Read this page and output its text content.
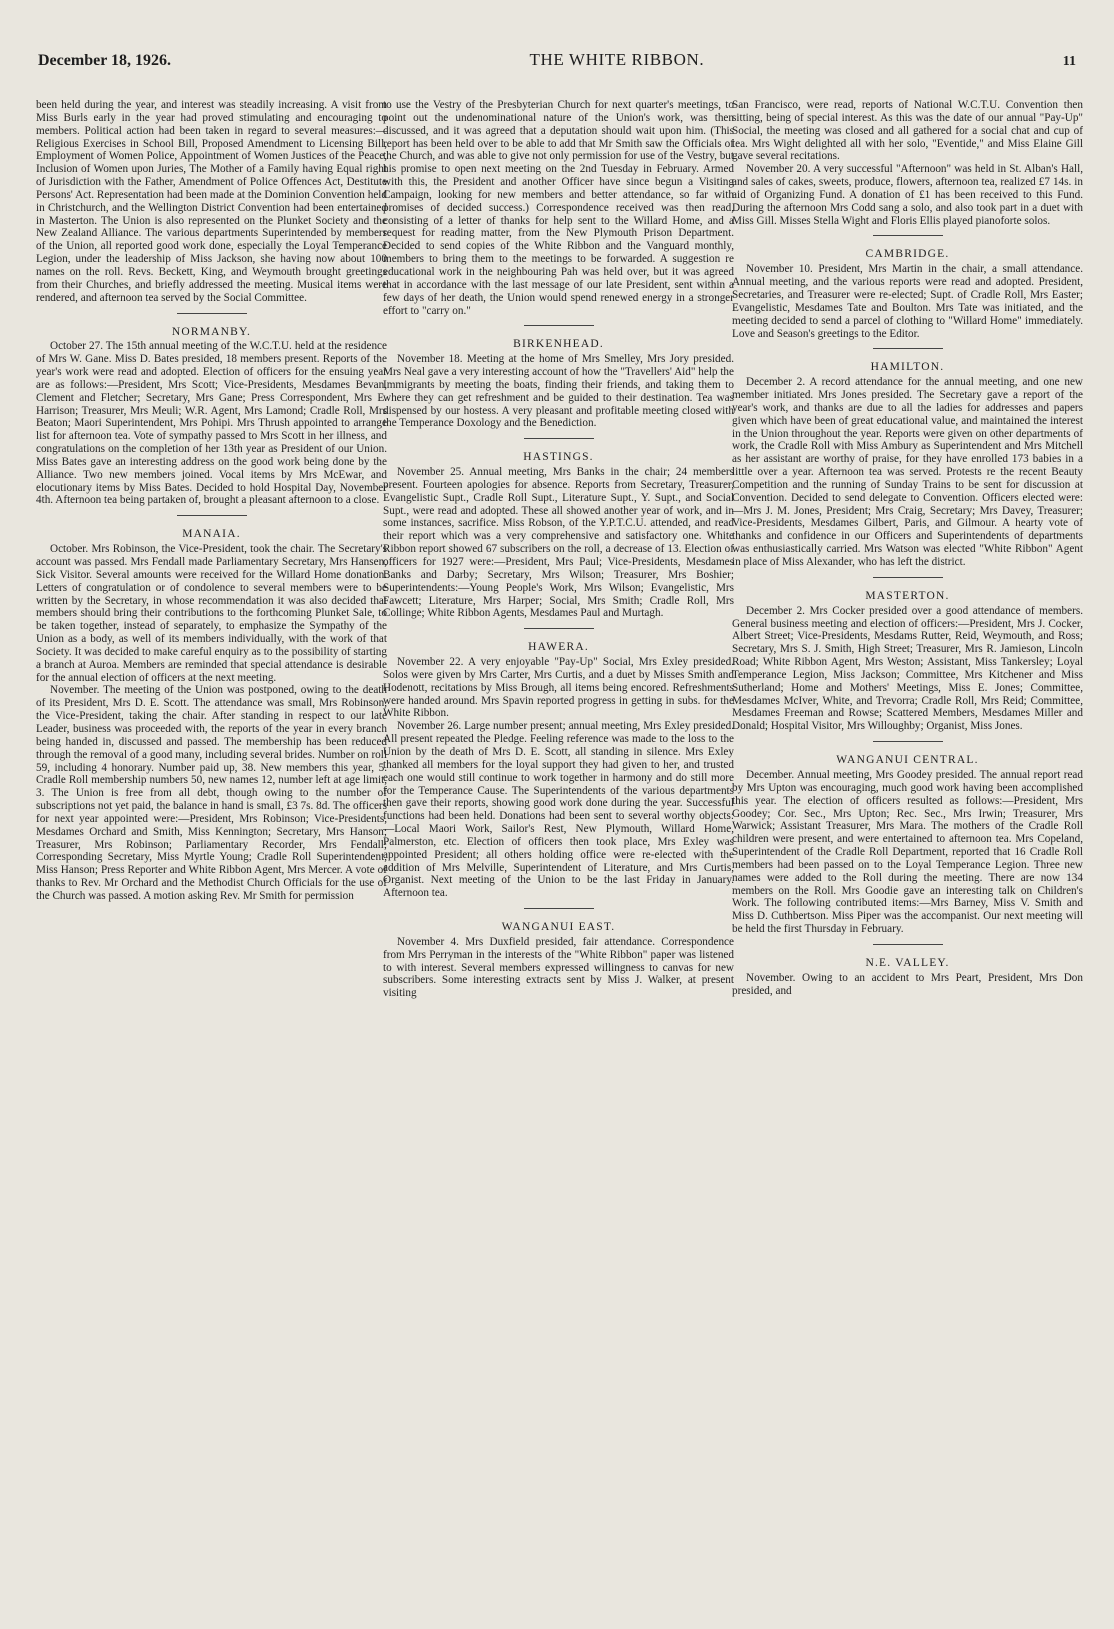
December 18, 1926.	THE WHITE RIBBON.	11

been held during the year, and interest was steadily increasing. A visit from Miss Burls early in the year had proved stimulating and encouraging to members. Political action had been taken in regard to several measures:—Religious Exercises in School Bill, Proposed Amendment to Licensing Bill, Employment of Women Police, Appointment of Women Justices of the Peace, Inclusion of Women upon Juries, The Mother of a Family having Equal right of Jurisdiction with the Father, Amendment of Police Offences Act, Destitute Persons' Act. Representation had been made at the Dominion Convention held in Christchurch, and the Wellington District Convention had been entertained in Masterton. The Union is also represented on the Plunket Society and the New Zealand Alliance. The various departments Superintended by members of the Union, all reported good work done, especially the Loyal Temperance Legion, under the leadership of Miss Jackson, she having now about 100 names on the roll. Revs. Beckett, King, and Weymouth brought greetings from their Churches, and briefly addressed the meeting. Musical items were rendered, and afternoon tea served by the Social Committee.

NORMANBY.

October 27. The 15th annual meeting of the W.C.T.U. held at the residence of Mrs W. Gane. Miss D. Bates presided, 18 members present. Reports of the year's work were read and adopted. Election of officers for the ensuing year are as follows:—President, Mrs Scott; Vice-Presidents, Mesdames Bevan, Clement and Fletcher; Secretary, Mrs Gane; Press Correspondent, Mrs E. Harrison; Treasurer, Mrs Meuli; W.R. Agent, Mrs Lamond; Cradle Roll, Mrs Beaton; Maori Superintendent, Mrs Pohipi. Mrs Thrush appointed to arrange list for afternoon tea. Vote of sympathy passed to Mrs Scott in her illness, and congratulations on the completion of her 13th year as President of our Union. Miss Bates gave an interesting address on the good work being done by the Alliance. Two new members joined. Vocal items by Mrs McEwar, and elocutionary items by Miss Bates. Decided to hold Hospital Day, November 4th. Afternoon tea being partaken of, brought a pleasant afternoon to a close.

MANAIA.

October. Mrs Robinson, the Vice-President, took the chair. The Secretary's account was passed. Mrs Fendall made Parliamentary Secretary, Mrs Hansen, Sick Visitor. Several amounts were received for the Willard Home donation. Letters of congratulation or of condolence to several members were to be written by the Secretary, in whose recommendation it was also decided that members should bring their contributions to the forthcoming Plunket Sale, to be taken together, instead of separately, to emphasize the Sympathy of the Union as a body, as well of its members individually, with the work of that Society. It was decided to make careful enquiry as to the possibility of starting a branch at Auroa. Members are reminded that special attendance is desirable for the annual election of officers at the next meeting.

November. The meeting of the Union was postponed, owing to the death of its President, Mrs D. E. Scott. The attendance was small, Mrs Robinson, the Vice-President, taking the chair. After standing in respect to our late Leader, business was proceeded with, the reports of the year in every branch being handed in, discussed and passed. The membership has been reduced through the removal of a good many, including several brides. Number on roll 59, including 4 honorary. Number paid up, 38. New members this year, 5. Cradle Roll membership numbers 50, new names 12, number left at age limit, 3. The Union is free from all debt, though owing to the number of subscriptions not yet paid, the balance in hand is small, £3 7s. 8d. The officers for next year appointed were:—President, Mrs Robinson; Vice-Presidents, Mesdames Orchard and Smith, Miss Kennington; Secretary, Mrs Hanson; Treasurer, Mrs Robinson; Parliamentary Recorder, Mrs Fendall; Corresponding Secretary, Miss Myrtle Young; Cradle Roll Superintendent, Miss Hanson; Press Reporter and White Ribbon Agent, Mrs Mercer. A vote of thanks to Rev. Mr Orchard and the Methodist Church Officials for the use of the Church was passed. A motion asking Rev. Mr Smith for permission

to use the Vestry of the Presbyterian Church for next quarter's meetings, to point out the undenominational nature of the Union's work, was then discussed, and it was agreed that a deputation should wait upon him. (This report has been held over to be able to add that Mr Smith saw the Officials of the Church, and was able to give not only permission for use of the Vestry, but his promise to open next meeting on the 2nd Tuesday in February. Armed with this, the President and another Officer have since begun a Visiting Campaign, looking for new members and better attendance, so far with promises of decided success.) Correspondence received was then read, consisting of a letter of thanks for help sent to the Willard Home, and a request for reading matter, from the New Plymouth Prison Department. Decided to send copies of the White Ribbon and the Vanguard monthly, members to bring them to the meetings to be forwarded. A suggestion re educational work in the neighbouring Pah was held over, but it was agreed that in accordance with the last message of our late President, sent within a few days of her death, the Union would spend renewed energy in a stronger effort to "carry on."

BIRKENHEAD.

November 18. Meeting at the home of Mrs Smelley, Mrs Jory presided. Mrs Neal gave a very interesting account of how the "Travellers' Aid" help the Immigrants by meeting the boats, finding their friends, and taking them to where they can get refreshment and be guided to their destination. Tea was dispensed by our hostess. A very pleasant and profitable meeting closed with the Temperance Doxology and the Benediction.

HASTINGS.

November 25. Annual meeting, Mrs Banks in the chair; 24 members present. Fourteen apologies for absence. Reports from Secretary, Treasurer, Evangelistic Supt., Cradle Roll Supt., Literature Supt., Y. Supt., and Social Supt., were read and adopted. These all showed another year of work, and in some instances, sacrifice. Miss Robson, of the Y.P.T.C.U. attended, and read their report which was a very comprehensive and satisfactory one. White Ribbon report showed 67 subscribers on the roll, a decrease of 13. Election of officers for 1927 were:—President, Mrs Paul; Vice-Presidents, Mesdames Banks and Darby; Secretary, Mrs Wilson; Treasurer, Mrs Boshier; Superintendents:—Young People's Work, Mrs Wilson; Evangelistic, Mrs Fawcett; Literature, Mrs Harper; Social, Mrs Smith; Cradle Roll, Mrs Collinge; White Ribbon Agents, Mesdames Paul and Murtagh.

HAWERA.

November 22. A very enjoyable "Pay-Up" Social, Mrs Exley presided. Solos were given by Mrs Carter, Mrs Curtis, and a duet by Misses Smith and Hodenott, recitations by Miss Brough, all items being encored. Refreshments were handed around. Mrs Spavin reported progress in getting in subs. for the White Ribbon.

November 26. Large number present; annual meeting, Mrs Exley presided. All present repeated the Pledge. Feeling reference was made to the loss to the Union by the death of Mrs D. E. Scott, all standing in silence. Mrs Exley thanked all members for the loyal support they had given to her, and trusted each one would still continue to work together in harmony and do still more for the Temperance Cause. The Superintendents of the various departments then gave their reports, showing good work done during the year. Successful functions had been held. Donations had been sent to several worthy objects:—Local Maori Work, Sailor's Rest, New Plymouth, Willard Home, Palmerston, etc. Election of officers then took place, Mrs Exley was appointed President; all others holding office were re-elected with the addition of Mrs Melville, Superintendent of Literature, and Mrs Curtis, Organist. Next meeting of the Union to be the last Friday in January. Afternoon tea.

WANGANUI EAST.

November 4. Mrs Duxfield presided, fair attendance. Correspondence from Mrs Perryman in the interests of the "White Ribbon" paper was listened to with interest. Several members expressed willingness to canvas for new subscribers. Some interesting extracts sent by Miss J. Walker, at present visiting

San Francisco, were read, reports of National W.C.T.U. Convention then sitting, being of special interest. As this was the date of our annual "Pay-Up" Social, the meeting was closed and all gathered for a social chat and cup of tea. Mrs Wight delighted all with her solo, "Eventide," and Miss Elaine Gill gave several recitations.

November 20. A very successful "Afternoon" was held in St. Alban's Hall, and sales of cakes, sweets, produce, flowers, afternoon tea, realized £7 14s. in aid of Organizing Fund. A donation of £1 has been received to this Fund. During the afternoon Mrs Codd sang a solo, and also took part in a duet with Miss Gill. Misses Stella Wight and Floris Ellis played pianoforte solos.

CAMBRIDGE.

November 10. President, Mrs Martin in the chair, a small attendance. Annual meeting, and the various reports were read and adopted. President, Secretaries, and Treasurer were re-elected; Supt. of Cradle Roll, Mrs Easter; Evangelistic, Mesdames Tate and Boulton. Mrs Tate was initiated, and the meeting decided to send a parcel of clothing to "Willard Home" immediately. Love and Season's greetings to the Editor.

HAMILTON.

December 2. A record attendance for the annual meeting, and one new member initiated. Mrs Jones presided. The Secretary gave a report of the year's work, and thanks are due to all the ladies for addresses and papers given which have been of great educational value, and maintained the interest in the Union throughout the year. Reports were given on other departments of work, the Cradle Roll with Miss Ambury as Superintendent and Mrs Mitchell as her assistant are worthy of praise, for they have enrolled 173 babies in a little over a year. Afternoon tea was served. Protests re the recent Beauty Competition and the running of Sunday Trains to be sent for discussion at Convention. Decided to send delegate to Convention. Officers elected were:—Mrs J. M. Jones, President; Mrs Craig, Secretary; Mrs Davey, Treasurer; Vice-Presidents, Mesdames Gilbert, Paris, and Gilmour. A hearty vote of thanks and confidence in our Officers and Superintendents of departments was enthusiastically carried. Mrs Watson was elected "White Ribbon" Agent in place of Miss Alexander, who has left the district.

MASTERTON.

December 2. Mrs Cocker presided over a good attendance of members. General business meeting and election of officers:—President, Mrs J. Cocker, Albert Street; Vice-Presidents, Mesdams Rutter, Reid, Weymouth, and Ross; Secretary, Mrs S. J. Smith, High Street; Treasurer, Mrs R. Jamieson, Lincoln Road; White Ribbon Agent, Mrs Weston; Assistant, Miss Tankersley; Loyal Temperance Legion, Miss Jackson; Committee, Mrs Kitchener and Miss Sutherland; Home and Mothers' Meetings, Miss E. Jones; Committee, Mesdames McIver, White, and Trevorra; Cradle Roll, Mrs Reid; Committee, Mesdames Freeman and Rowse; Scattered Members, Mesdames Miller and Donald; Hospital Visitor, Mrs Willoughby; Organist, Miss Jones.

WANGANUI CENTRAL.

December. Annual meeting, Mrs Goodey presided. The annual report read by Mrs Upton was encouraging, much good work having been accomplished this year. The election of officers resulted as follows:—President, Mrs Goodey; Cor. Sec., Mrs Upton; Rec. Sec., Mrs Irwin; Treasurer, Mrs Warwick; Assistant Treasurer, Mrs Mara. The mothers of the Cradle Roll children were present, and were entertained to afternoon tea. Mrs Copeland, Superintendent of the Cradle Roll Department, reported that 16 Cradle Roll members had been passed on to the Loyal Temperance Legion. Three new names were added to the Roll during the meeting. There are now 134 members on the Roll. Mrs Goodie gave an interesting talk on Children's Work. The following contributed items:—Mrs Barney, Miss V. Smith and Miss D. Cuthbertson. Miss Piper was the accompanist. Our next meeting will be held the first Thursday in February.

N.E. VALLEY.

November. Owing to an accident to Mrs Peart, President, Mrs Don presided, and
